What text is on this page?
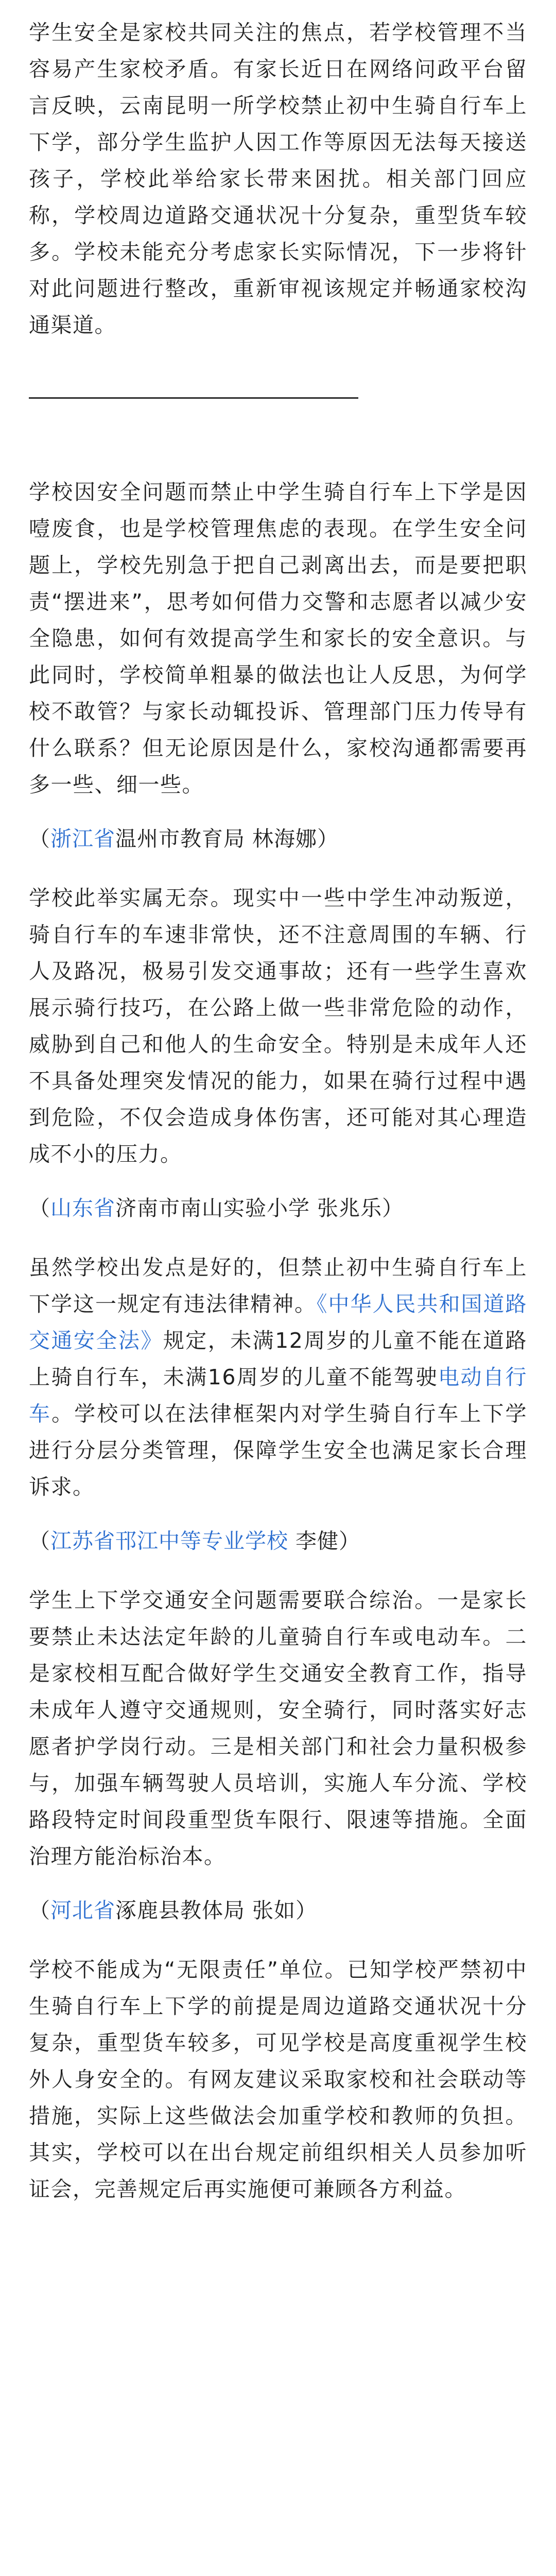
学生安全是家校共同关注的焦点，若学校管理不当容易产生家校矛盾。有家长近日在网络问政平台留言反映，云南昆明一所学校禁止初中生骑自行车上下学，部分学生监护人因工作等原因无法每天接送孩子，学校此举给家长带来困扰。相关部门回应称，学校周边道路交通状况十分复杂，重型货车较多。学校未能充分考虑家长实际情况，下一步将针对此问题进行整改，重新审视该规定并畅通家校沟通渠道。

学校因安全问题而禁止中学生骑自行车上下学是因噎废食，也是学校管理焦虑的表现。在学生安全问题上，学校先别急于把自己剥离出去，而是要把职责“摆进来”，思考如何借力交警和志愿者以减少安全隐患，如何有效提高学生和家长的安全意识。与此同时，学校简单粗暴的做法也让人反思，为何学校不敢管？与家长动辄投诉、管理部门压力传导有什么联系？但无论原因是什么，家校沟通都需要再多一些、细一些。

（浙江省温州市教育局 林海娜）

学校此举实属无奈。现实中一些中学生冲动叛逆，骑自行车的车速非常快，还不注意周围的车辆、行人及路况，极易引发交通事故；还有一些学生喜欢展示骑行技巧，在公路上做一些非常危险的动作，威胁到自己和他人的生命安全。特别是未成年人还不具备处理突发情况的能力，如果在骑行过程中遇到危险，不仅会造成身体伤害，还可能对其心理造成不小的压力。

（山东省济南市南山实验小学 张兆乐）

虽然学校出发点是好的，但禁止初中生骑自行车上下学这一规定有违法律精神。《中华人民共和国道路交通安全法》规定，未满12周岁的儿童不能在道路上骑自行车，未满16周岁的儿童不能驾驶电动自行车。学校可以在法律框架内对学生骑自行车上下学进行分层分类管理，保障学生安全也满足家长合理诉求。

（江苏省邗江中等专业学校 李健）

学生上下学交通安全问题需要联合综治。一是家长要禁止未达法定年龄的儿童骑自行车或电动车。二是家校相互配合做好学生交通安全教育工作，指导未成年人遵守交通规则，安全骑行，同时落实好志愿者护学岗行动。三是相关部门和社会力量积极参与，加强车辆驾驶人员培训，实施人车分流、学校路段特定时间段重型货车限行、限速等措施。全面治理方能治标治本。

（河北省涿鹿县教体局 张如）

学校不能成为“无限责任”单位。已知学校严禁初中生骑自行车上下学的前提是周边道路交通状况十分复杂，重型货车较多，可见学校是高度重视学生校外人身安全的。有网友建议采取家校和社会联动等措施，实际上这些做法会加重学校和教师的负担。其实，学校可以在出台规定前组织相关人员参加听证会，完善规定后再实施便可兼顾各方利益。
